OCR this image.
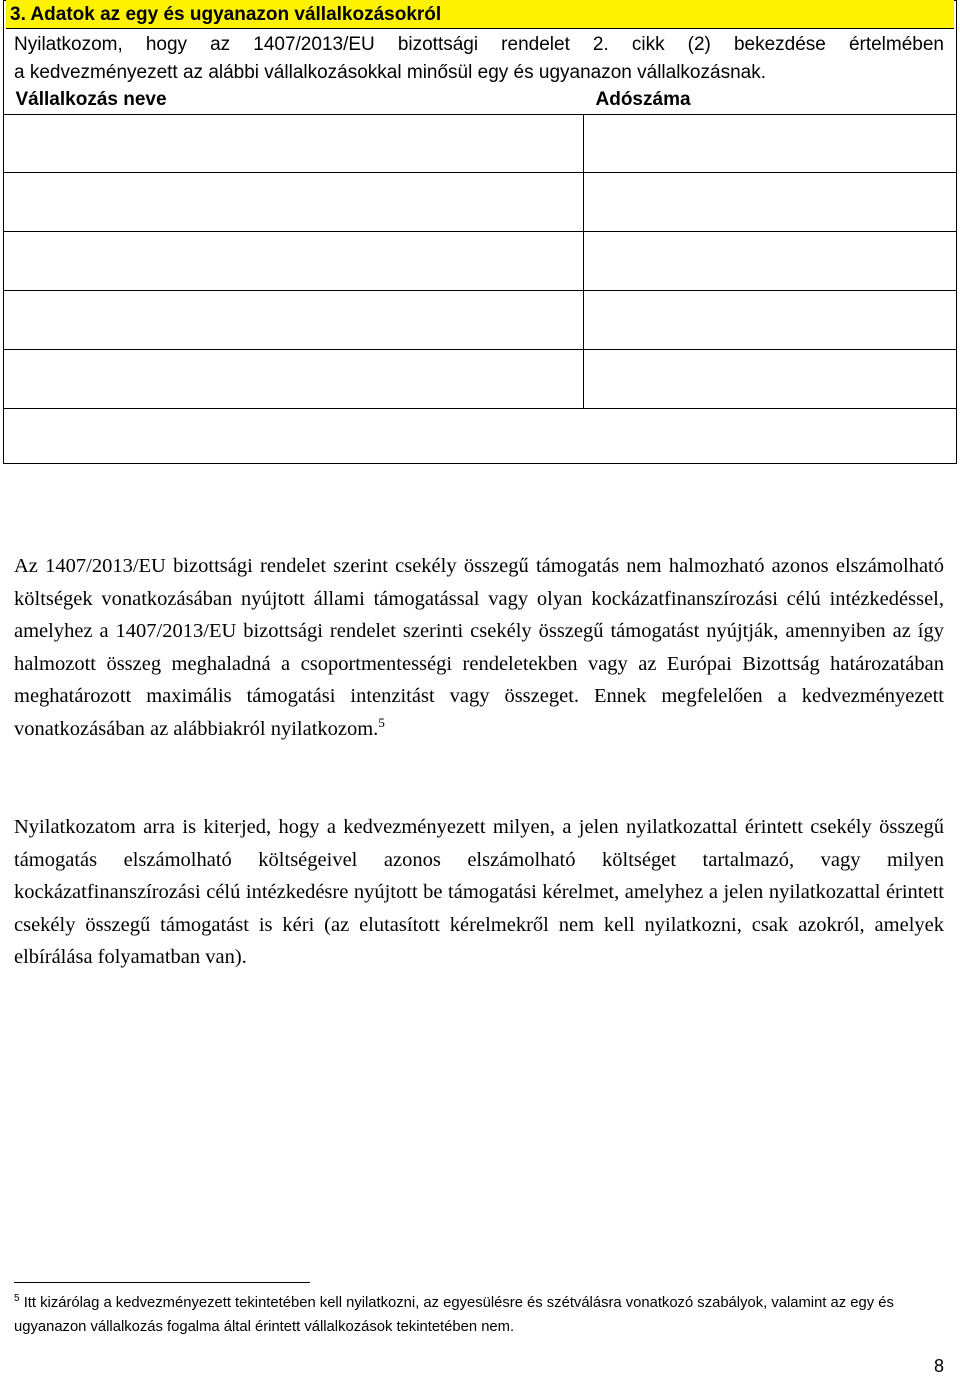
3. Adatok az egy és ugyanazon vállalkozásokról
Nyilatkozom, hogy az 1407/2013/EU bizottsági rendelet 2. cikk (2) bekezdése értelmében
a kedvezményezett az alábbi vállalkozásokkal minősül egy és ugyanazon vállalkozásnak.
Vállalkozás neve	Adószáma

Az 1407/2013/EU bizottsági rendelet szerint csekély összegű támogatás nem halmozható azonos elszámolható költségek vonatkozásában nyújtott állami támogatással vagy olyan kockázatfinanszírozási célú intézkedéssel, amelyhez a 1407/2013/EU bizottsági rendelet szerinti csekély összegű támogatást nyújtják, amennyiben az így halmozott összeg meghaladná a csoportmentességi rendeletekben vagy az Európai Bizottság határozatában meghatározott maximális támogatási intenzitást vagy összeget. Ennek megfelelően a kedvezményezett vonatkozásában az alábbiakról nyilatkozom.$^5$
Nyilatkozatom arra is kiterjed, hogy a kedvezményezett milyen, a jelen nyilatkozattal érintett csekély összegű támogatás elszámolható költségeivel azonos elszámolható költséget tartalmazó, vagy milyen kockázatfinanszírozási célú intézkedésre nyújtott be támogatási kérelmet, amelyhez a jelen nyilatkozattal érintett csekély összegű támogatást is kéri (az elutasított kérelmekről nem kell nyilatkozni, csak azokról, amelyek elbírálása folyamatban van).
$^5$ Itt kizárólag a kedvezményezett tekintetében kell nyilatkozni, az egyesülésre és szétválásra vonatkozó szabályok, valamint az egy és ugyanazon vállalkozás fogalma által érintett vállalkozások tekintetében nem.
8
